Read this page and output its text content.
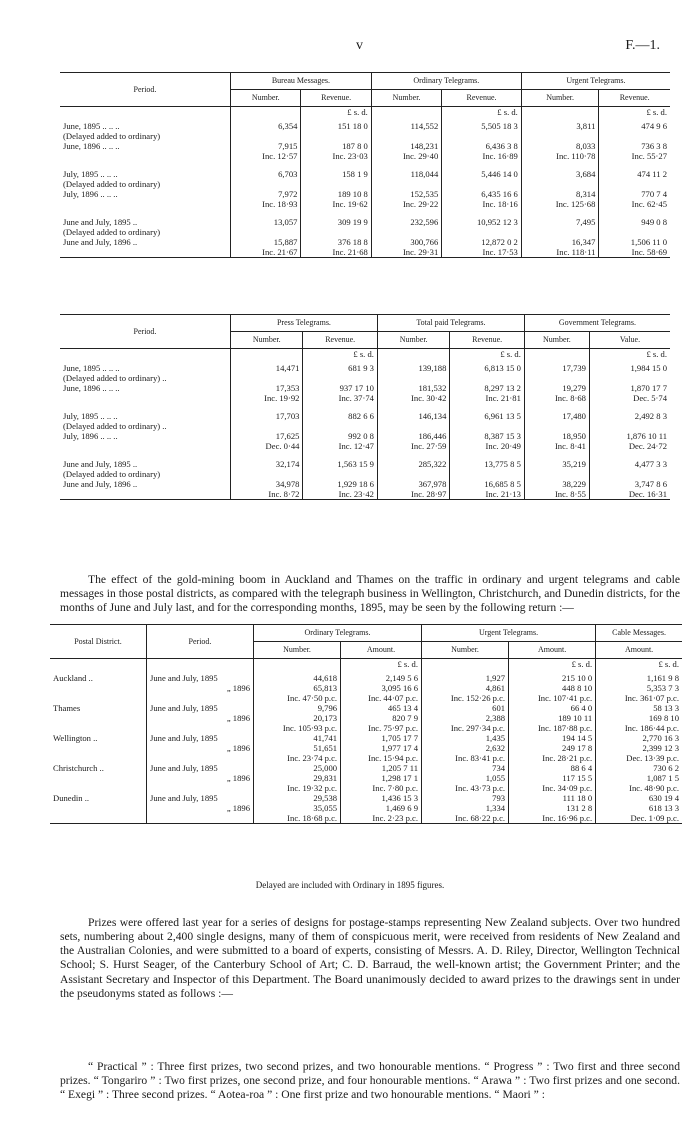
v	F.—1.
Period.	Bureau Messages.		Ordinary Telegrams.		Urgent Telegrams.	
	Number.	Revenue.	Number.	Revenue.	Number.	Revenue.
		£ s. d.		£ s. d.		£ s. d.
June, 1895 .. .. ..	6,354	151 18 0	114,552	5,505 18 3	3,811	474 9 6
(Delayed added to ordinary)						
June, 1896 .. .. ..	7,915	187 8 0	148,231	6,436 3 8	8,033	736 3 8
	Inc. 12·57	Inc. 23·03	Inc. 29·40	Inc. 16·89	Inc. 110·78	Inc. 55·27

July, 1895 .. .. ..	6,703	158 1 9	118,044	5,446 14 0	3,684	474 11 2
(Delayed added to ordinary)						
July, 1896 .. .. ..	7,972	189 10 8	152,535	6,435 16 6	8,314	770 7 4
	Inc. 18·93	Inc. 19·62	Inc. 29·22	Inc. 18·16	Inc. 125·68	Inc. 62·45

June and July, 1895 ..	13,057	309 19 9	232,596	10,952 12 3	7,495	949 0 8
(Delayed added to ordinary)						
June and July, 1896 ..	15,887	376 18 8	300,766	12,872 0 2	16,347	1,506 11 0
	Inc. 21·67	Inc. 21·68	Inc. 29·31	Inc. 17·53	Inc. 118·11	Inc. 58·69
Period.	Press Telegrams.		Total paid Telegrams.		Government Telegrams.	
	Number.	Revenue.	Number.	Revenue.	Number.	Value.
		£ s. d.		£ s. d.		£ s. d.
June, 1895 .. .. ..	14,471	681 9 3	139,188	6,813 15 0	17,739	1,984 15 0
(Delayed added to ordinary) ..						
June, 1896 .. .. ..	17,353	937 17 10	181,532	8,297 13 2	19,279	1,870 17 7
	Inc. 19·92	Inc. 37·74	Inc. 30·42	Inc. 21·81	Inc. 8·68	Dec. 5·74

July, 1895 .. .. ..	17,703	882 6 6	146,134	6,961 13 5	17,480	2,492 8 3
(Delayed added to ordinary) ..						
July, 1896 .. .. ..	17,625	992 0 8	186,446	8,387 15 3	18,950	1,876 10 11
	Dec. 0·44	Inc. 12·47	Inc. 27·59	Inc. 20·49	Inc. 8·41	Dec. 24·72

June and July, 1895 ..	32,174	1,563 15 9	285,322	13,775 8 5	35,219	4,477 3 3
(Delayed added to ordinary)						
June and July, 1896 ..	34,978	1,929 18 6	367,978	16,685 8 5	38,229	3,747 8 6
	Inc. 8·72	Inc. 23·42	Inc. 28·97	Inc. 21·13	Inc. 8·55	Dec. 16·31

The effect of the gold-mining boom in Auckland and Thames on the traffic in ordinary and urgent telegrams and cable messages in those postal districts, as compared with the telegraph business in Wellington, Christchurch, and Dunedin districts, for the months of June and July last, and for the corresponding months, 1895, may be seen by the following return :—

Postal District.	Period.	Ordinary Telegrams.		Urgent Telegrams.		Cable Messages.
		Number.	Amount.	Number.	Amount.	Amount.
			£ s. d.		£ s. d.	£ s. d.
Auckland ..	June and July, 1895	44,618	2,149 5 6	1,927	215 10 0	1,161 9 8
	„ 1896	65,813	3,095 16 6	4,861	448 8 10	5,353 7 3
		Inc. 47·50 p.c.	Inc. 44·07 p.c.	Inc. 152·26 p.c.	Inc. 107·41 p.c.	Inc. 361·07 p.c.
Thames	June and July, 1895	9,796	465 13 4	601	66 4 0	58 13 3
	„ 1896	20,173	820 7 9	2,388	189 10 11	169 8 10
		Inc. 105·93 p.c.	Inc. 75·97 p.c.	Inc. 297·34 p.c.	Inc. 187·88 p.c.	Inc. 186·44 p.c.
Wellington ..	June and July, 1895	41,741	1,705 17 7	1,435	194 14 5	2,770 16 3
	„ 1896	51,651	1,977 17 4	2,632	249 17 8	2,399 12 3
		Inc. 23·74 p.c.	Inc. 15·94 p.c.	Inc. 83·41 p.c.	Inc. 28·21 p.c.	Dec. 13·39 p.c.
Christchurch ..	June and July, 1895	25,000	1,205 7 11	734	88 6 4	730 6 2
	„ 1896	29,831	1,298 17 1	1,055	117 15 5	1,087 1 5
		Inc. 19·32 p.c.	Inc. 7·80 p.c.	Inc. 43·73 p.c.	Inc. 34·09 p.c.	Inc. 48·90 p.c.
Dunedin ..	June and July, 1895	29,538	1,436 15 3	793	111 18 0	630 19 4
	„ 1896	35,055	1,469 6 9	1,334	131 2 8	618 13 3
		Inc. 18·68 p.c.	Inc. 2·23 p.c.	Inc. 68·22 p.c.	Inc. 16·96 p.c.	Dec. 1·09 p.c.
Delayed are included with Ordinary in 1895 figures.

Prizes were offered last year for a series of designs for postage-stamps representing New Zealand subjects. Over two hundred sets, numbering about 2,400 single designs, many of them of conspicuous merit, were received from residents of New Zealand and the Australian Colonies, and were submitted to a board of experts, consisting of Messrs. A. D. Riley, Director, Wellington Technical School; S. Hurst Seager, of the Canterbury School of Art; C. D. Barraud, the well-known artist; the Government Printer; and the Assistant Secretary and Inspector of this Department. The Board unanimously decided to award prizes to the drawings sent in under the pseudonyms stated as follows :—

“ Practical ” : Three first prizes, two second prizes, and two honourable mentions. “ Progress ” : Two first and three second prizes. “ Tongariro ” : Two first prizes, one second prize, and four honourable mentions. “ Arawa ” : Two first prizes and one second. “ Exegi ” : Three second prizes. “ Aotea-roa ” : One first prize and two honourable mentions. “ Maori ” :
